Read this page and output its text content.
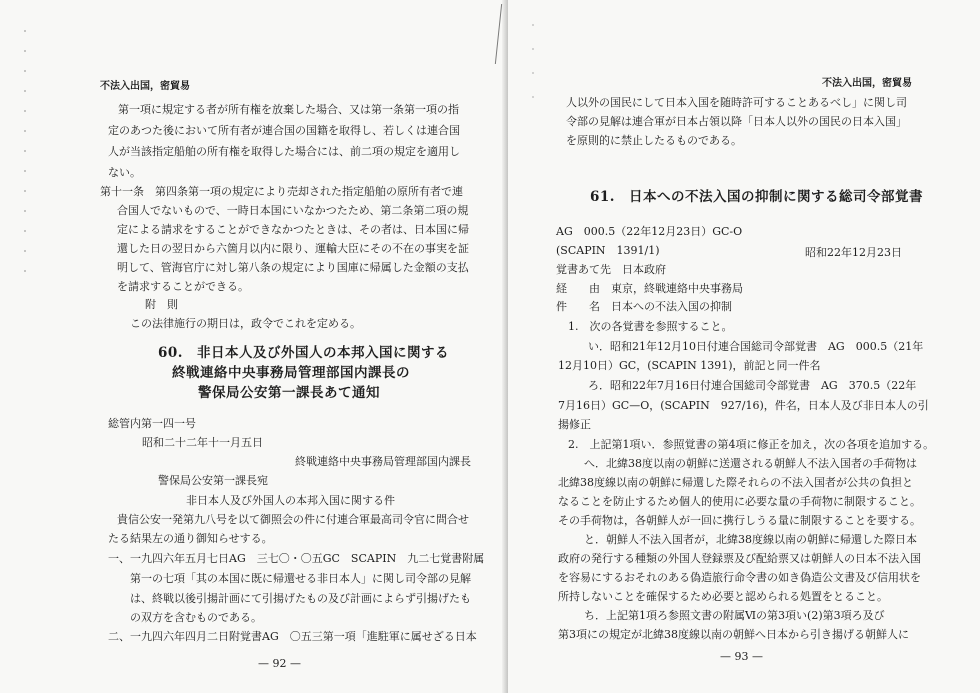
不法入出国，密貿易
第一項に規定する者が所有権を放棄した場合、又は第一条第一項の指
定のあつた後において所有者が連合国の国籍を取得し、若しくは連合国
人が当該指定船舶の所有権を取得した場合には、前二項の規定を適用し
ない。
第十一条　第四条第一項の規定により売却された指定船舶の原所有者で連
合国人でないもので、一時日本国にいなかつたため、第二条第二項の規
定による請求をすることができなかつたときは、その者は、日本国に帰
還した日の翌日から六箇月以内に限り、運輸大臣にその不在の事実を証
明して、管海官庁に対し第八条の規定により国庫に帰属した金額の支払
を請求することができる。
附　則
この法律施行の期日は，政令でこれを定める。
60.　非日本人及び外国人の本邦入国に関する
終戦連絡中央事務局管理部国内課長の
警保局公安第一課長あて通知
総管内第一四一号
昭和二十二年十一月五日
終戦連絡中央事務局管理部国内課長
警保局公安第一課長宛
非日本人及び外国人の本邦入国に関する件
貴信公安一発第九八号を以て御照会の件に付連合軍最高司令官に問合せ
たる結果左の通り御知らせする。
一、一九四六年五月七日AG　三七〇・〇五GC　SCAPIN　九二七覚書附属
第一の七項「其の本国に既に帰還せる非日本人」に関し司令部の見解
は、終戦以後引揚計画にて引揚げたもの及び計画によらず引揚げたも
の双方を含むものである。
二、一九四六年四月二日附覚書AG　〇五三第一項「進駐軍に属せざる日本
— 92 —
不法入出国，密貿易
人以外の国民にして日本入国を随時許可することあるべし」に関し司
令部の見解は連合軍が日本占領以降「日本人以外の国民の日本入国」
を原則的に禁止したるものである。
61.　日本への不法入国の抑制に関する総司令部覚書
AG　000.5（22年12月23日）GC-O
(SCAPIN　1391/1)	昭和22年12月23日
覚書あて先　日本政府
経　　由　東京，終戦連絡中央事務局
件　　名　日本への不法入国の抑制
1.　次の各覚書を参照すること。
い．昭和21年12月10日付連合国総司令部覚書　AG　000.5（21年
12月10日）GC，(SCAPIN 1391)，前記と同一件名
ろ．昭和22年7月16日付連合国総司令部覚書　AG　370.5（22年
7月16日）GC—O，(SCAPIN　927/16)，件名，日本人及び非日本人の引
揚修正
2.　上記第1項い．参照覚書の第4項に修正を加え，次の各項を追加する。
へ．北緯38度以南の朝鮮に送還される朝鮮人不法入国者の手荷物は
北緯38度線以南の朝鮮に帰還した際それらの不法入国者が公共の負担と
なることを防止するため個人的使用に必要な量の手荷物に制限すること。
その手荷物は，各朝鮮人が一回に携行しうる量に制限することを要する。
と．朝鮮人不法入国者が，北緯38度線以南の朝鮮に帰還した際日本
政府の発行する種類の外国人登録票及び配給票又は朝鮮人の日本不法入国
を容易にするおそれのある偽造旅行命令書の如き偽造公文書及び信用状を
所持しないことを確保するため必要と認められる処置をとること。
ち．上記第1項ろ参照文書の附属Ⅵの第3項い(2)第3項ろ及び
第3項にの規定が北緯38度線以南の朝鮮へ日本から引き揚げる朝鮮人に
— 93 —
